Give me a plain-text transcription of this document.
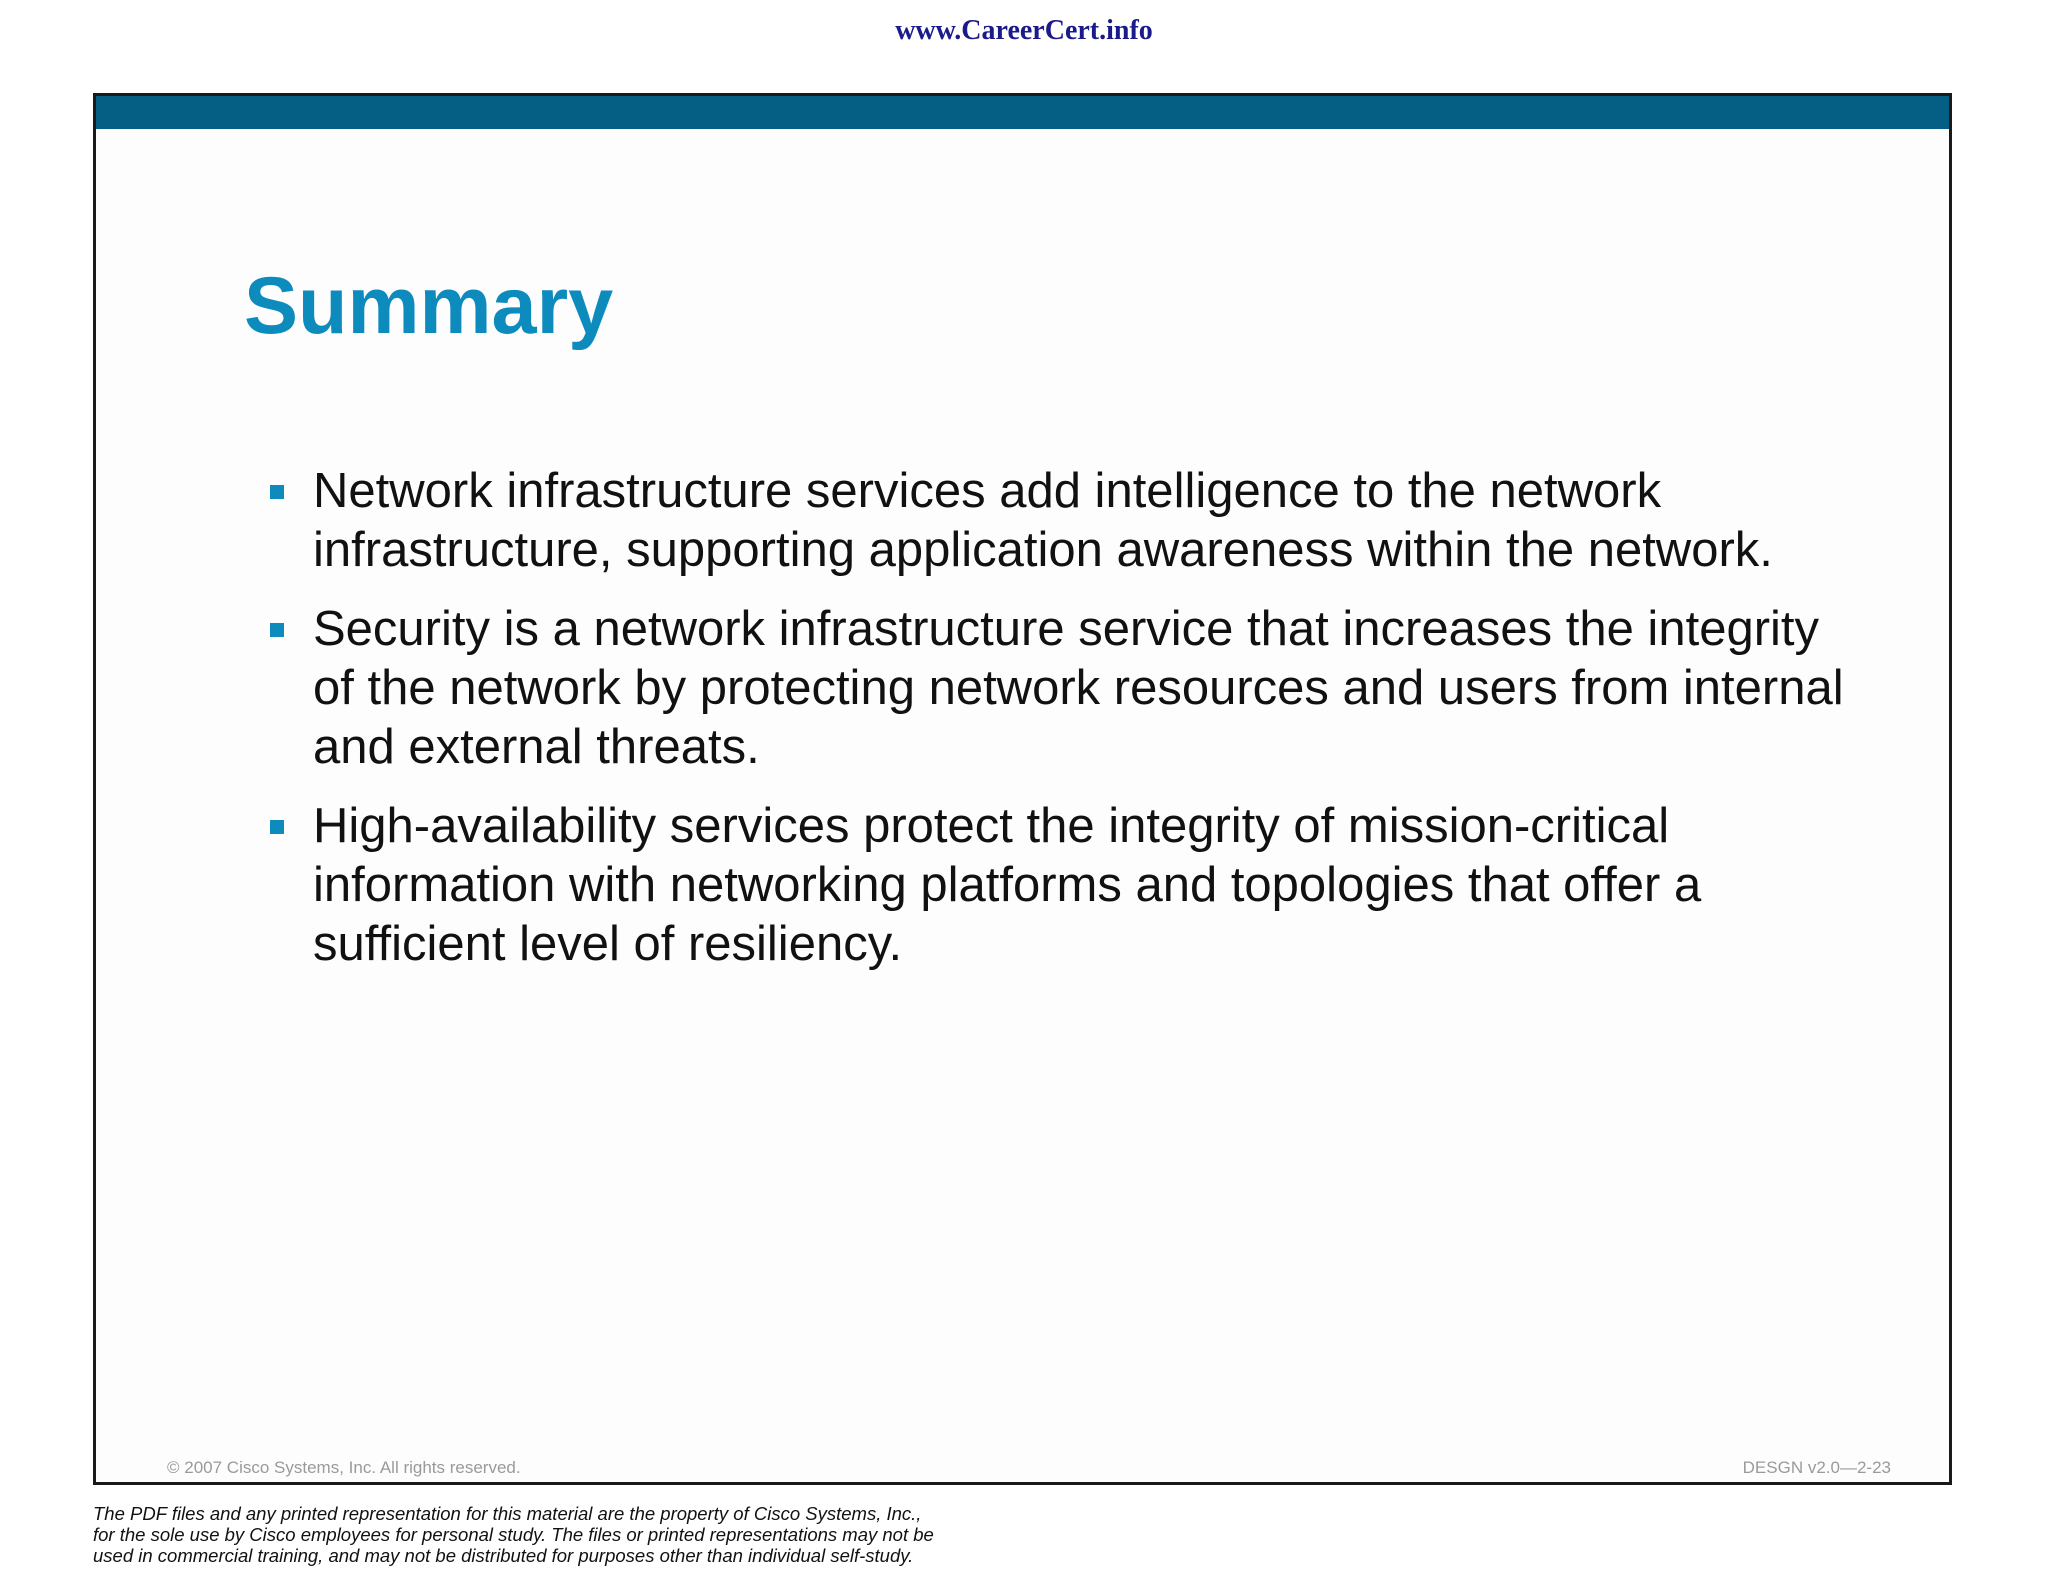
www.CareerCert.info
Summary
Network infrastructure services add intelligence to the network infrastructure, supporting application awareness within the network.
Security is a network infrastructure service that increases the integrity of the network by protecting network resources and users from internal and external threats.
High-availability services protect the integrity of mission-critical information with networking platforms and topologies that offer a sufficient level of resiliency.
© 2007 Cisco Systems, Inc. All rights reserved.	DESGN v2.0—2-23
The PDF files and any printed representation for this material are the property of Cisco Systems, Inc.,
for the sole use by Cisco employees for personal study. The files or printed representations may not be
used in commercial training, and may not be distributed for purposes other than individual self-study.
